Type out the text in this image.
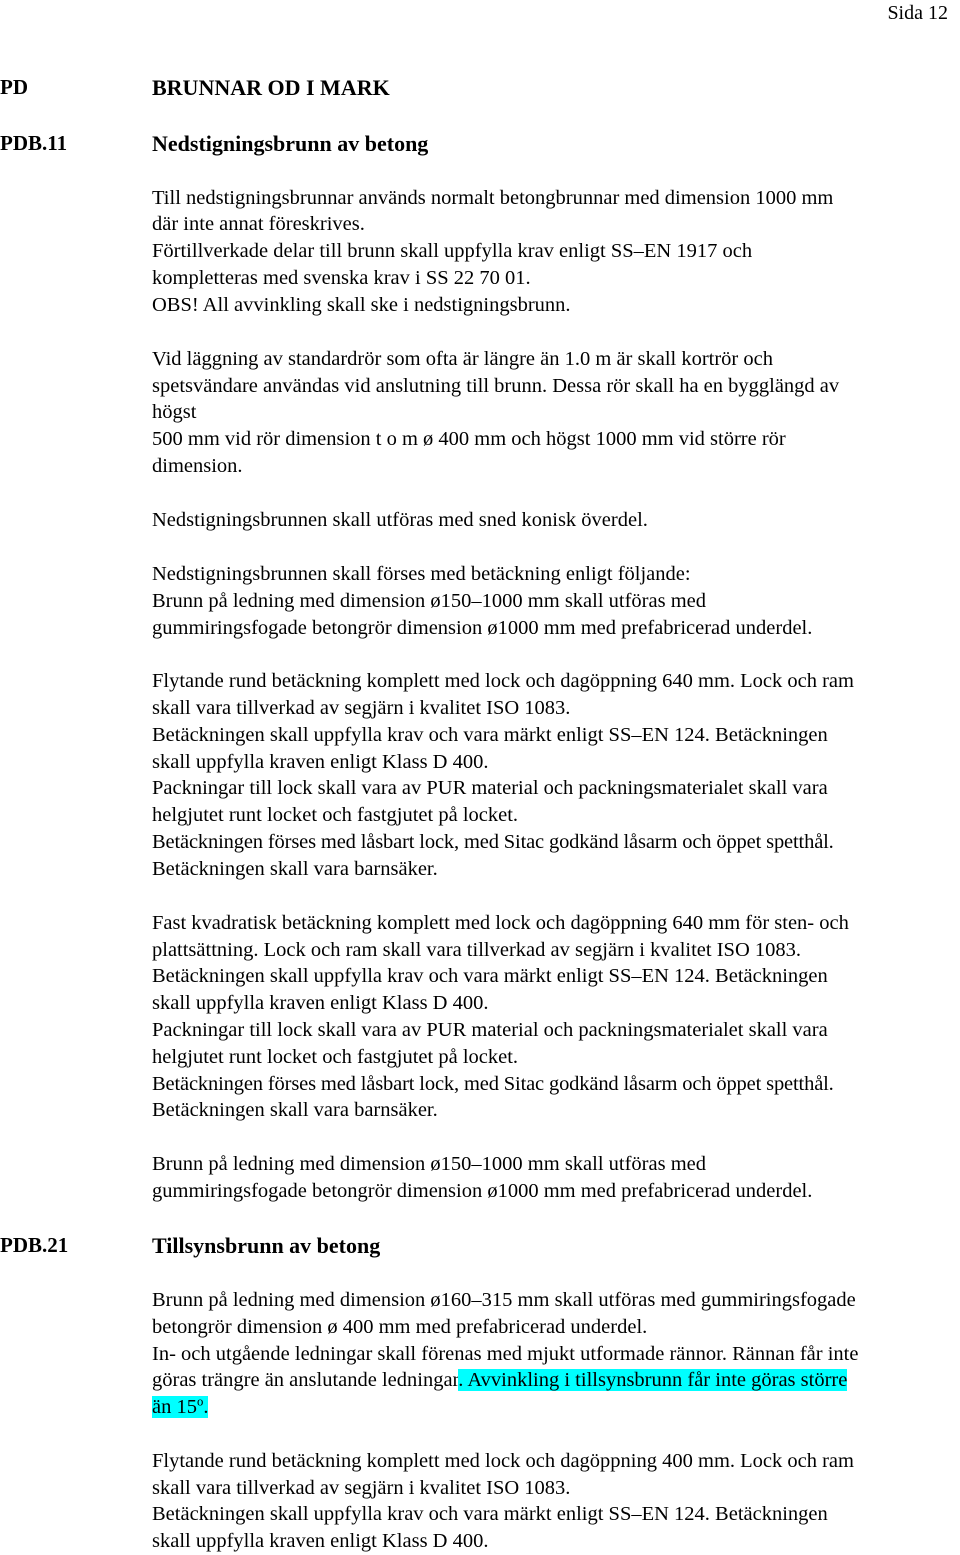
Sida 12
PD	BRUNNAR OD I MARK
PDB.11	Nedstigningsbrunn av betong
Till nedstigningsbrunnar används normalt betongbrunnar med dimension 1000 mm
där inte annat föreskrives.
Förtillverkade delar till brunn skall uppfylla krav enligt SS–EN 1917 och
kompletteras med svenska krav i SS 22 70 01.
OBS! All avvinkling skall ske i nedstigningsbrunn.
Vid läggning av standardrör som ofta är längre än 1.0 m är skall kortrör och
spetsvändare användas vid anslutning till brunn. Dessa rör skall ha en bygglängd av
högst
500 mm vid rör dimension t o m ø 400 mm och högst 1000 mm vid större rör
dimension.
Nedstigningsbrunnen skall utföras med sned konisk överdel.
Nedstigningsbrunnen skall förses med betäckning enligt följande:
Brunn på ledning med dimension ø150–1000 mm skall utföras med
gummiringsfogade betongrör dimension ø1000 mm med prefabricerad underdel.
Flytande rund betäckning komplett med lock och dagöppning 640 mm. Lock och ram
skall vara tillverkad av segjärn i kvalitet ISO 1083.
Betäckningen skall uppfylla krav och vara märkt enligt SS–EN 124. Betäckningen
skall uppfylla kraven enligt Klass D 400.
Packningar till lock skall vara av PUR material och packningsmaterialet skall vara
helgjutet runt locket och fastgjutet på locket.
Betäckningen förses med låsbart lock, med Sitac godkänd låsarm och öppet spetthål.
Betäckningen skall vara barnsäker.
Fast kvadratisk betäckning komplett med lock och dagöppning 640 mm för sten- och
plattsättning. Lock och ram skall vara tillverkad av segjärn i kvalitet ISO 1083.
Betäckningen skall uppfylla krav och vara märkt enligt SS–EN 124. Betäckningen
skall uppfylla kraven enligt Klass D 400.
Packningar till lock skall vara av PUR material och packningsmaterialet skall vara
helgjutet runt locket och fastgjutet på locket.
Betäckningen förses med låsbart lock, med Sitac godkänd låsarm och öppet spetthål.
Betäckningen skall vara barnsäker.
Brunn på ledning med dimension ø150–1000 mm skall utföras med
gummiringsfogade betongrör dimension ø1000 mm med prefabricerad underdel.
PDB.21	Tillsynsbrunn av betong
Brunn på ledning med dimension ø160–315 mm skall utföras med gummiringsfogade
betongrör dimension ø 400 mm med prefabricerad underdel.
In- och utgående ledningar skall förenas med mjukt utformade rännor. Rännan får inte
göras trängre än anslutande ledningar. Avvinkling i tillsynsbrunn får inte göras större
än 15$^o$.
Flytande rund betäckning komplett med lock och dagöppning 400 mm. Lock och ram
skall vara tillverkad av segjärn i kvalitet ISO 1083.
Betäckningen skall uppfylla krav och vara märkt enligt SS–EN 124. Betäckningen
skall uppfylla kraven enligt Klass D 400.
